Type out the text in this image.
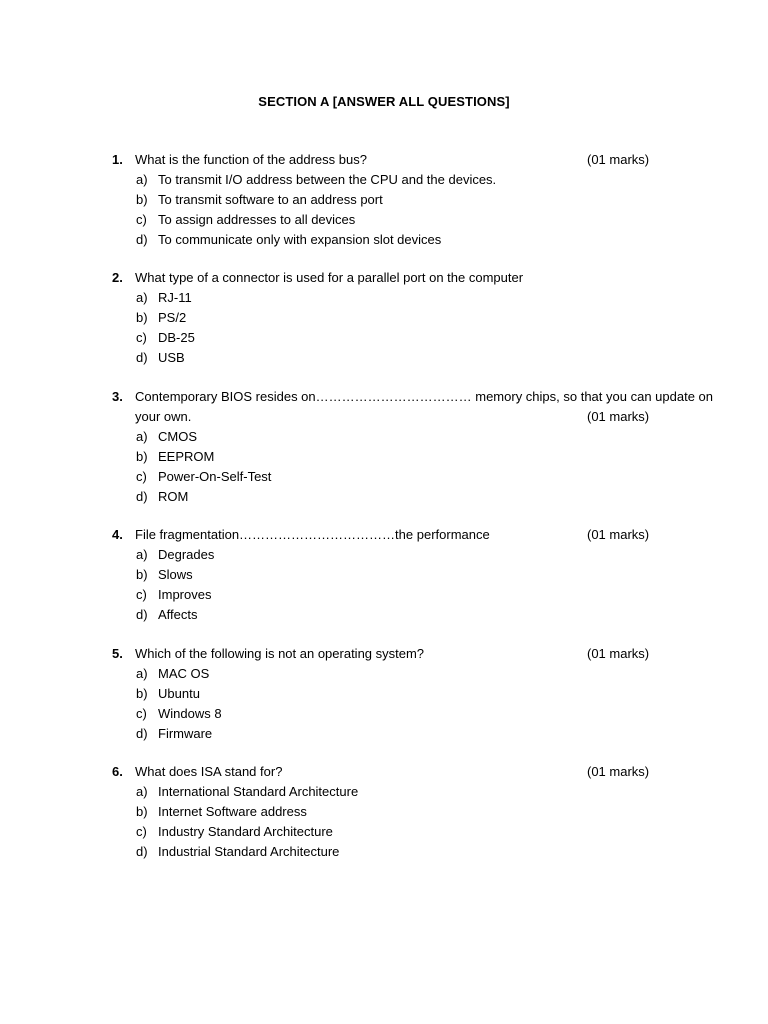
SECTION A [ANSWER ALL QUESTIONS]
1. What is the function of the address bus?	(01 marks)
a) To transmit I/O address between the CPU and the devices.
b) To transmit software to an address port
c) To assign addresses to all devices
d) To communicate only with expansion slot devices
2. What type of a connector is used for a parallel port on the computer
a) RJ-11
b) PS/2
c) DB-25
d) USB
3. Contemporary BIOS resides on……………………………… memory chips, so that you can update on
your own.	(01 marks)
a) CMOS
b) EEPROM
c) Power-On-Self-Test
d) ROM
4. File fragmentation………………………………the performance	(01 marks)
a) Degrades
b) Slows
c) Improves
d) Affects
5. Which of the following is not an operating system?	(01 marks)
a) MAC OS
b) Ubuntu
c) Windows 8
d) Firmware
6. What does ISA stand for?	(01 marks)
a) International Standard Architecture
b) Internet Software address
c) Industry Standard Architecture
d) Industrial Standard Architecture
